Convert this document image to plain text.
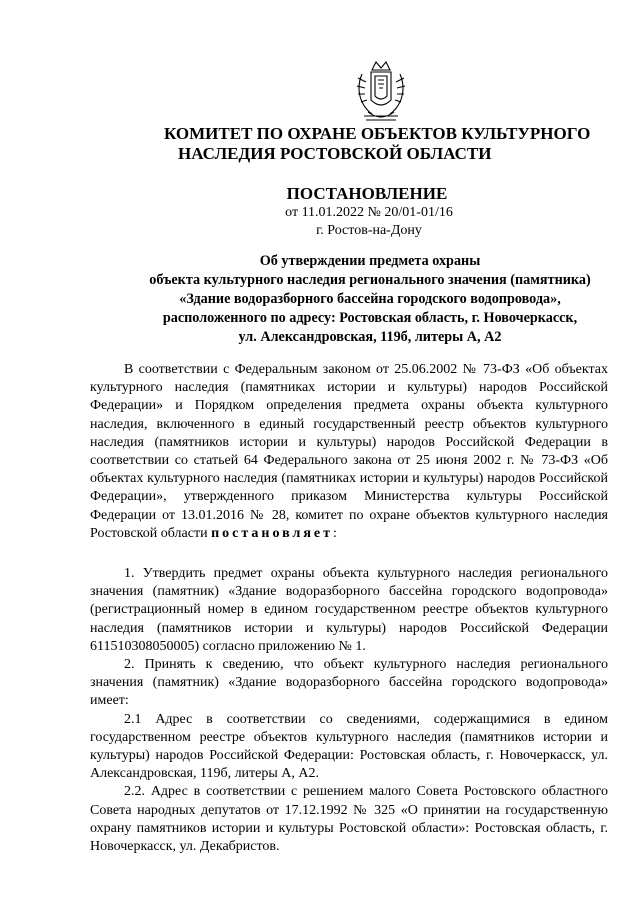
КОМИТЕТ ПО ОХРАНЕ ОБЪЕКТОВ КУЛЬТУРНОГО
НАСЛЕДИЯ РОСТОВСКОЙ ОБЛАСТИ
ПОСТАНОВЛЕНИЕ
от 11.01.2022 № 20/01-01/16
г. Ростов-на-Дону
Об утверждении предмета охраны
объекта культурного наследия регионального значения (памятника)
«Здание водоразборного бассейна городского водопровода»,
расположенного по адресу: Ростовская область, г. Новочеркасск,
ул. Александровская, 119б, литеры А, А2

В соответствии с Федеральным законом от 25.06.2002 № 73-ФЗ «Об объектах культурного наследия (памятниках истории и культуры) народов Российской Федерации» и Порядком определения предмета охраны объекта культурного наследия, включенного в единый государственный реестр объектов культурного наследия (памятников истории и культуры) народов Российской Федерации в соответствии со статьей 64 Федерального закона от 25 июня 2002 г. № 73-ФЗ «Об объектах культурного наследия (памятниках истории и культуры) народов Российской Федерации», утвержденного приказом Министерства культуры Российской Федерации от 13.01.2016 № 28, комитет по охране объектов культурного наследия Ростовской области постановляет:

1. Утвердить предмет охраны объекта культурного наследия регионального значения (памятник) «Здание водоразборного бассейна городского водопровода» (регистрационный номер в едином государственном реестре объектов культурного наследия (памятников истории и культуры) народов Российской Федерации 611510308050005) согласно приложению № 1.

2. Принять к сведению, что объект культурного наследия регионального значения (памятник) «Здание водоразборного бассейна городского водопровода» имеет:

2.1 Адрес в соответствии со сведениями, содержащимися в едином государственном реестре объектов культурного наследия (памятников истории и культуры) народов Российской Федерации: Ростовская область, г. Новочеркасск, ул. Александровская, 119б, литеры А, А2.

2.2. Адрес в соответствии с решением малого Совета Ростовского областного Совета народных депутатов от 17.12.1992 № 325 «О принятии на государственную охрану памятников истории и культуры Ростовской области»: Ростовская область, г. Новочеркасск, ул. Декабристов.
